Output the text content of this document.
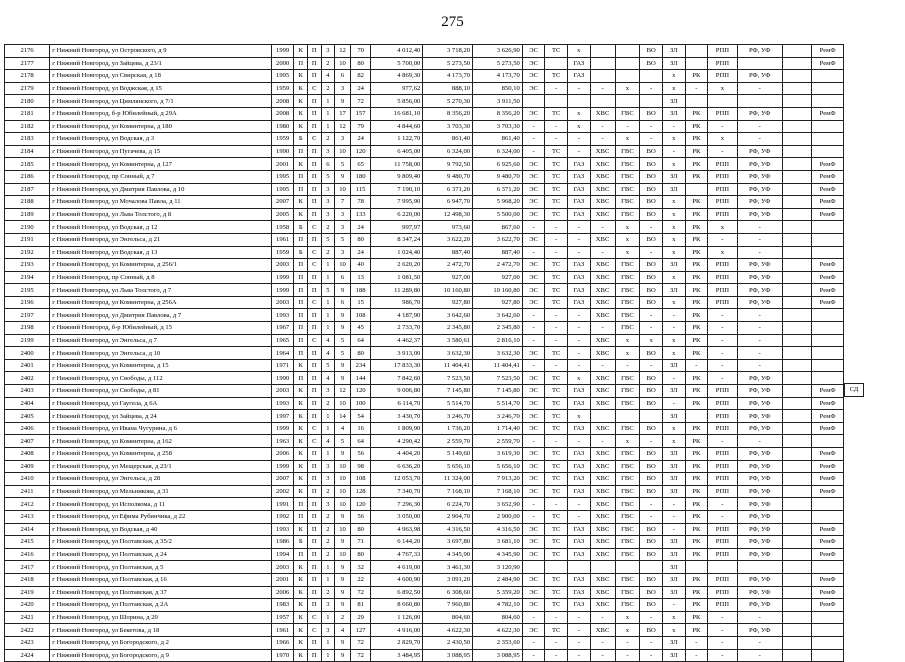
275
2176	г Нижний Новгород, ул Островского, д 9	1999	К	П	3	12	70	4 012,40	3 718,20	3 626,90	ЭС	ТС	х			ВО	ЗЛ		РПП	РФ, УФ		РемФ
2177	г Нижний Новгород, ул Зайцева, д 23/1	2000	П	П	2	10	80	5 700,00	5 273,50	5 273,50	ЭС		ГАЗ			ВО	ЗЛ		РПП			РемФ
2178	г Нижний Новгород, ул Свирская, д 18	1995	К	П	4	6	82	4 869,30	4 173,70	4 173,70	ЭС	ТС	ГАЗ				х	РК	РПП	РФ, УФ		
2179	г Нижний Новгород, ул Воджская, д 15	1959	К	С	2	3	24	977,62	888,10	850,10	ЭС	-	-	-	х	-	х	-	х	-		
2180	г Нижний Новгород, ул Цимлянского, д 7/1	2008	К	П	1	9	72	5 856,00	5 270,30	3 911,50							ЗЛ					
2181	г Нижний Новгород, б-р Юбилейный, д 29А	2008	К	П	1	17	157	16 681,10	8 356,20	8 356,20	ЭС	ТС	х	ХВС	ГВС	ВО	ЗЛ	РК	РПП	РФ, УФ		РемФ
2182	г Нижний Новгород, ул Коминтерна, д 180	1980	К	П	1	12	79	4 844,60	3 703,30	3 703,30	-	-	х	-	-	-	-	РК	-	-		
2183	г Нижний Новгород, ул Водская, д 3	1959	Б	С	2	3	24	1 122,70	861,40	861,40	-	-	-	-	х	-	х	РК	х	-		
2184	г Нижний Новгород, ул Пугачева, д 15	1990	П	П	3	10	120	6 405,00	6 324,00	6 324,00	-	ТС	-	ХВС	ГВС	ВО	-	РК	-	РФ, УФ		
2185	г Нижний Новгород, ул Коминтерна, д 127	2001	К	П	6	5	65	11 758,00	9 792,50	6 925,60	ЭС	ТС	ГАЗ	ХВС	ГВС	ВО	х	РК	РПП	РФ, УФ		РемФ
2186	г Нижний Новгород, пр Сонный, д 7	1995	П	П	5	9	180	9 809,40	9 480,70	9 480,70	ЭС	ТС	ГАЗ	ХВС	ГВС	ВО	ЗЛ	РК	РПП	РФ, УФ		РемФ
2187	г Нижний Новгород, ул Дмитрия Павлова, д 10	1995	П	П	3	10	115	7 190,10	6 371,20	6 371,20	ЭС	ТС	ГАЗ	ХВС	ГВС	ВО	ЗЛ		РПП	РФ, УФ		РемФ
2188	г Нижний Новгород, ул Мочалова Павла, д 11	2007	К	П	3	7	78	7 995,90	6 947,70	5 968,20	ЭС	ТС	ГАЗ	ХВС	ГВС	ВО	х	РК	РПП	РФ, УФ		РемФ
2189	г Нижний Новгород, ул Льва Толстого, д 8	2005	К	П	3	3	133	6 220,00	12 498,30	5 500,00	ЭС	ТС	ГАЗ	ХВС	ГВС	ВО	х	РК	РПП	РФ, УФ		РемФ
2190	г Нижний Новгород, ул Водская, д 12	1958	Б	С	2	3	24	997,97	973,60	867,60	-	-	-	-	х	-	х	РК	х	-		
2191	г Нижний Новгород, ул Энгельса, д 21	1961	П	П	5	5	80	8 347,24	3 622,20	3 622,70	ЭС	-	-	ХВС	х	ВО	х	РК	-	-		
2192	г Нижний Новгород, ул Водская, д 13	1959	Б	С	2	3	24	1 024,40	887,40	887,40	-	-	-	-	х	-	х	РК	х	-		
2193	г Нижний Новгород, ул Коминтерна, д 256/1	2003	П	С	1	10	40	2 620,20	2 472,70	2 472,70	ЭС	ТС	ГАЗ	ХВС	ГВС	ВО	ЗЛ	РК	РПП	РФ, УФ		РемФ
2194	г Нижний Новгород, пр Сонный, д 8	1999	П	П	1	6	13	1 081,50	927,00	927,00	ЭС	ТС	ГАЗ	ХВС	ГВС	ВО	х	РК	РПП	РФ, УФ		РемФ
2195	г Нижний Новгород, ул Льва Толстого, д 7	1999	П	П	5	9	188	11 289,80	10 160,80	10 160,80	ЭС	ТС	ГАЗ	ХВС	ГВС	ВО	ЗЛ	РК	РПП	РФ, УФ		РемФ
2196	г Нижний Новгород, ул Коминтерна, д 256А	2003	П	С	1	6	15	986,70	927,80	927,80	ЭС	ТС	ГАЗ	ХВС	ГВС	ВО	х	РК	РПП	РФ, УФ		РемФ
2197	г Нижний Новгород, ул Дмитрия Павлова, д 7	1993	П	П	1	9	108	4 187,90	3 642,60	3 642,60	-	-	-	ХВС	ГВС	-	-	РК	-	-		
2198	г Нижний Новгород, б-р Юбилейный, д 15	1967	П	П	1	9	45	2 733,70	2 345,80	2 345,80	-	-	-	-	ГВС	-	-	РК	-	-		
2199	г Нижний Новгород, ул Энгельса, д 7	1965	П	С	4	5	64	4 462,37	3 580,61	2 816,10	-	-	-	ХВС	х	х	х	РК	-	-		
2400	г Нижний Новгород, ул Энгельса, д 10	1964	П	П	4	5	80	3 913,00	3 632,30	3 632,30	ЭС	ТС	-	ХВС	х	ВО	х	РК	-	-		
2401	г Нижний Новгород, ул Коминтерна, д 15	1971	К	П	5	9	234	17 833,30	11 404,41	11 404,41	-	-	-	-	-	-	ЗЛ	-	-	-		
2402	г Нижний Новгород, ул Свободы, д 112	1990	П	П	4	9	144	7 842,60	7 523,50	7 523,50	ЭС	ТС	х	ХВС	ГВС	ВО	-	РК	-	РФ, УФ		
2403	г Нижний Новгород, ул Свободы, д 81	2003	К	П	3	12	120	9 006,80	7 145,80	7 145,80	ЭС	ТС	ГАЗ	ХВС	ГВС	ВО	ЗЛ	РК	РПП	РФ, УФ		РемФ
2404	г Нижний Новгород, ул Гаугела, д 6А	1993	К	П	2	10	100	6 114,70	5 514,70	5 514,70	ЭС	ТС	ГАЗ	ХВС	ГВС	ВО	-	РК	РПП	РФ, УФ		РемФ
2405	г Нижний Новгород, ул Зайцева, д 24	1997	К	П	1	14	54	3 430,70	3 246,70	3 246,70	ЭС	ТС	х				ЗЛ		РПП	РФ, УФ		РемФ
2406	г Нижний Новгород, ул Ивана Чугурина, д 6	1999	К	С	1	4	16	1 809,90	1 736,20	1 714,40	ЭС	ТС	ГАЗ	ХВС	ГВС	ВО	х	РК	РПП	РФ, УФ		РемФ
2407	г Нижний Новгород, ул Коминтерна, д 162	1963	К	С	4	5	64	4 290,42	2 559,70	2 559,70	-	-	-	-	х	-	х	РК	-	-		
2408	г Нижний Новгород, ул Коминтерна, д 258	2006	К	П	1	9	56	4 404,20	5 149,60	3 619,30	ЭС	ТС	ГАЗ	ХВС	ГВС	ВО	ЗЛ	РК	РПП	РФ, УФ		РемФ
2409	г Нижний Новгород, ул Мещерская, д 23/1	1999	К	П	3	10	98	6 636,20	5 656,10	5 656,10	ЭС	ТС	ГАЗ	ХВС	ГВС	ВО	ЗЛ	РК	РПП	РФ, УФ		РемФ
2410	г Нижний Новгород, ул Энгельса, д 28	2007	К	П	3	10	108	12 053,70	11 324,00	7 913,20	ЭС	ТС	ГАЗ	ХВС	ГВС	ВО	ЗЛ	РК	РПП	РФ, УФ		РемФ
2411	г Нижний Новгород, ул Мельникова, д 31	2002	К	П	2	10	128	7 340,70	7 168,10	7 168,10	ЭС	ТС	ГАЗ	ХВС	ГВС	ВО	ЗЛ	РК	РПП	РФ, УФ		РемФ
2412	г Нижний Новгород, ул Исполкома, д 11	1991	П	П	3	10	120	7 296,30	6 224,70	3 652,90	-	-	-	ХВС	ГВС	-	-	РК	-	РФ, УФ		
2413	г Нижний Новгород, ул Ефима Рубинчика, д 22	1992	П	П	2	9	56	3 050,00	2 904,70	2 900,00	-	ТС	-	ХВС	ГВС	-	-	РК	-	РФ, УФ		
2414	г Нижний Новгород, ул Водская, д 40	1993	К	П	2	10	80	4 963,98	4 316,50	4 316,50	ЭС	ТС	ГАЗ	ХВС	ГВС	ВО	-	РК	РПП	РФ, УФ		РемФ
2415	г Нижний Новгород, ул Полтавская, д 35/2	1986	Б	П	2	9	71	6 144,20	3 697,80	3 681,10	ЭС	ТС	ГАЗ	ХВС	ГВС	ВО	ЗЛ	РК	РПП	РФ, УФ		РемФ
2416	г Нижний Новгород, ул Полтавская, д 24	1994	П	П	2	10	80	4 767,33	4 345,90	4 345,90	ЭС	ТС	ГАЗ	ХВС	ГВС	ВО	ЗЛ	РК	РПП	РФ, УФ		РемФ
2417	г Нижний Новгород, ул Полтавская, д 5	2003	К	П	1	9	32	4 619,00	3 461,30	3 120,90							ЗЛ					
2418	г Нижний Новгород, ул Полтавская, д 16	2001	К	П	1	9	22	4 600,90	3 091,20	2 484,90	ЭС	ТС	ГАЗ	ХВС	ГВС	ВО	ЗЛ	РК	РПП	РФ, УФ		РемФ
2419	г Нижний Новгород, ул Полтавская, д 37	2006	К	П	2	9	72	6 892,50	6 308,60	5 359,20	ЭС	ТС	ГАЗ	ХВС	ГВС	ВО	ЗЛ	РК	РПП	РФ, УФ		РемФ
2420	г Нижний Новгород, ул Полтавская, д 2А	1983	К	П	3	9	81	8 660,80	7 960,80	4 782,10	ЭС	ТС	ГАЗ	ХВС	ГВС	ВО	-	РК	РПП	РФ, УФ		РемФ
2421	г Нижний Новгород, ул Шорина, д 20	1957	К	С	1	2	29	1 126,00	804,60	804,60	-	-	-	-	х	-	х	РК	-	-		
2422	г Нижний Новгород, ул Бекетова, д 18	1961	К	С	3	4	127	4 916,00	4 622,30	4 622,30	ЭС	ТС	-	ХВС	х	ВО	х	РК	-	РФ, УФ		
2423	г Нижний Новгород, ул Богородского, д 2	1966	К	П	1	9	72	2 829,70	2 430,50	2 353,60	-	-	-	-	-	-	ЗЛ	-	-	-		
2424	г Нижний Новгород, ул Богородского, д 9	1970	К	П	1	9	72	3 484,95	3 088,95	3 088,95	-	-	-	-	-	-	ЗЛ	-	-	-		
СД
